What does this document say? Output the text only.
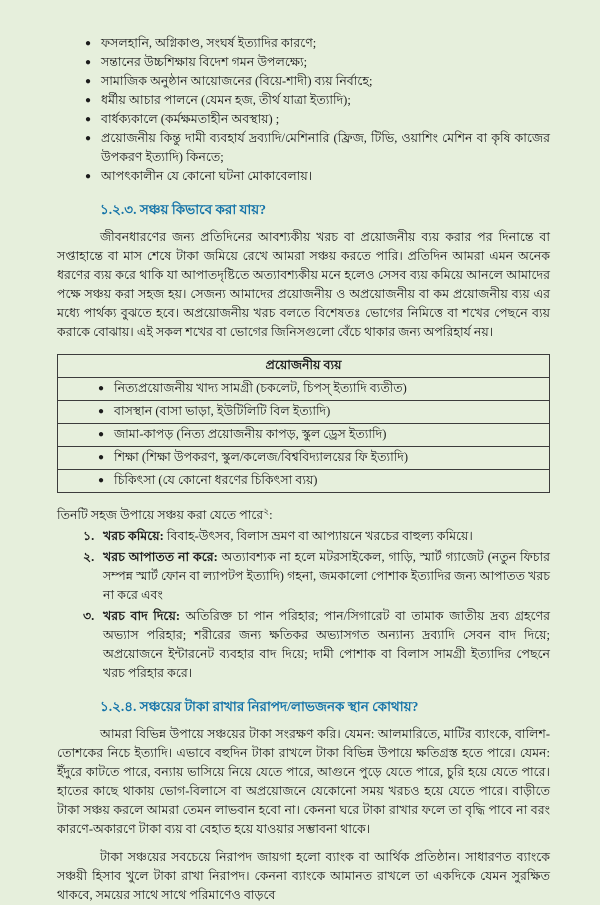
● ফসলহানি, অগ্নিকাণ্ড, সংঘর্ষ ইত্যাদির কারণে;
● সন্তানের উচ্চশিক্ষায় বিদেশ গমন উপলক্ষ্যে;
● সামাজিক অনুষ্ঠান আয়োজনের (বিয়ে-শাদী) ব্যয় নির্বাহে;
● ধর্মীয় আচার পালনে (যেমন হজ, তীর্থ যাত্রা ইত্যাদি);
● বার্ধক্যকালে (কর্মক্ষমতাহীন অবস্থায়) ;
● প্রয়োজনীয় কিন্তু দামী ব্যবহার্য দ্রব্যাদি/মেশিনারি (ফ্রিজ, টিভি, ওয়াশিং মেশিন বা কৃষি কাজের উপকরণ ইত্যাদি) কিনতে;
● আপৎকালীন যে কোনো ঘটনা মোকাবেলায়।
১.২.৩. সঞ্চয় কিভাবে করা যায়?
জীবনধারণের জন্য প্রতিদিনের আবশ্যকীয় খরচ বা প্রয়োজনীয় ব্যয় করার পর দিনান্তে বা সপ্তাহান্তে বা মাস শেষে টাকা জমিয়ে রেখে আমরা সঞ্চয় করতে পারি। প্রতিদিন আমরা এমন অনেক ধরণের ব্যয় করে থাকি যা আপাতদৃষ্টিতে অত্যাবশ্যকীয় মনে হলেও সেসব ব্যয় কমিয়ে আনলে আমাদের পক্ষে সঞ্চয় করা সহজ হয়। সেজন্য আমাদের প্রয়োজনীয় ও অপ্রয়োজনীয় বা কম প্রয়োজনীয় ব্যয় এর মধ্যে পার্থক্য বুঝতে হবে। অপ্রয়োজনীয় খরচ বলতে বিশেষতঃ ভোগের নিমিত্তে বা শখের পেছনে ব্যয় করাকে বোঝায়। এই সকল শখের বা ভোগের জিনিসগুলো বেঁচে থাকার জন্য অপরিহার্য নয়।
প্রয়োজনীয় ব্যয়

● নিত্যপ্রয়োজনীয় খাদ্য সামগ্রী (চকলেট, চিপস্ ইত্যাদি ব্যতীত)

● বাসস্থান (বাসা ভাড়া, ইউটিলিটি বিল ইত্যাদি)

● জামা-কাপড় (নিত্য প্রয়োজনীয় কাপড়, স্কুল ড্রেস ইত্যাদি)

● শিক্ষা (শিক্ষা উপকরণ, স্কুল/কলেজ/বিশ্ববিদ্যালয়ের ফি ইত্যাদি)

● চিকিৎসা (যে কোনো ধরণের চিকিৎসা ব্যয়)
তিনটি সহজ উপায়ে সঞ্চয় করা যেতে পারে$^২$:
১. খরচ কমিয়ে: বিবাহ-উৎসব, বিলাস ভ্রমণ বা আপ্যায়নে খরচের বাহুল্য কমিয়ে।
২. খরচ আপাতত না করে: অত্যাবশ্যক না হলে মটরসাইকেল, গাড়ি, স্মার্ট গ্যাজেট (নতুন ফিচার সম্পন্ন স্মার্ট ফোন বা ল্যাপটপ ইত্যাদি) গহনা, জমকালো পোশাক ইত্যাদির জন্য আপাতত খরচ না করে এবং
৩. খরচ বাদ দিয়ে: অতিরিক্ত চা পান পরিহার; পান/সিগারেট বা তামাক জাতীয় দ্রব্য গ্রহণের অভ্যাস পরিহার; শরীরের জন্য ক্ষতিকর অভ্যাসগত অন্যান্য দ্রব্যাদি সেবন বাদ দিয়ে; অপ্রয়োজনে ইন্টারনেট ব্যবহার বাদ দিয়ে; দামী পোশাক বা বিলাস সামগ্রী ইত্যাদির পেছনে খরচ পরিহার করে।
১.২.৪. সঞ্চয়ের টাকা রাখার নিরাপদ/লাভজনক স্থান কোথায়?
আমরা বিভিন্ন উপায়ে সঞ্চয়ের টাকা সংরক্ষণ করি। যেমন: আলমারিতে, মাটির ব্যাংকে, বালিশ-তোশকের নিচে ইত্যাদি। এভাবে বহুদিন টাকা রাখলে টাকা বিভিন্ন উপায়ে ক্ষতিগ্রস্ত হতে পারে। যেমন: ইঁদুরে কাটতে পারে, বন্যায় ভাসিয়ে নিয়ে যেতে পারে, আগুনে পুড়ে যেতে পারে, চুরি হয়ে যেতে পারে। হাতের কাছে থাকায় ভোগ-বিলাসে বা অপ্রয়োজনে যেকোনো সময় খরচও হয়ে যেতে পারে। বাড়ীতে টাকা সঞ্চয় করলে আমরা তেমন লাভবান হবো না। কেননা ঘরে টাকা রাখার ফলে তা বৃদ্ধি পাবে না বরং কারণে-অকারণে টাকা ব্যয় বা বেহাত হয়ে যাওয়ার সম্ভাবনা থাকে।
টাকা সঞ্চয়ের সবচেয়ে নিরাপদ জায়গা হলো ব্যাংক বা আর্থিক প্রতিষ্ঠান। সাধারণত ব্যাংকে সঞ্চয়ী হিসাব খুলে টাকা রাখা নিরাপদ। কেননা ব্যাংকে আমানত রাখলে তা একদিকে যেমন সুরক্ষিত থাকবে, সময়ের সাথে সাথে পরিমাণেও বাড়বে
